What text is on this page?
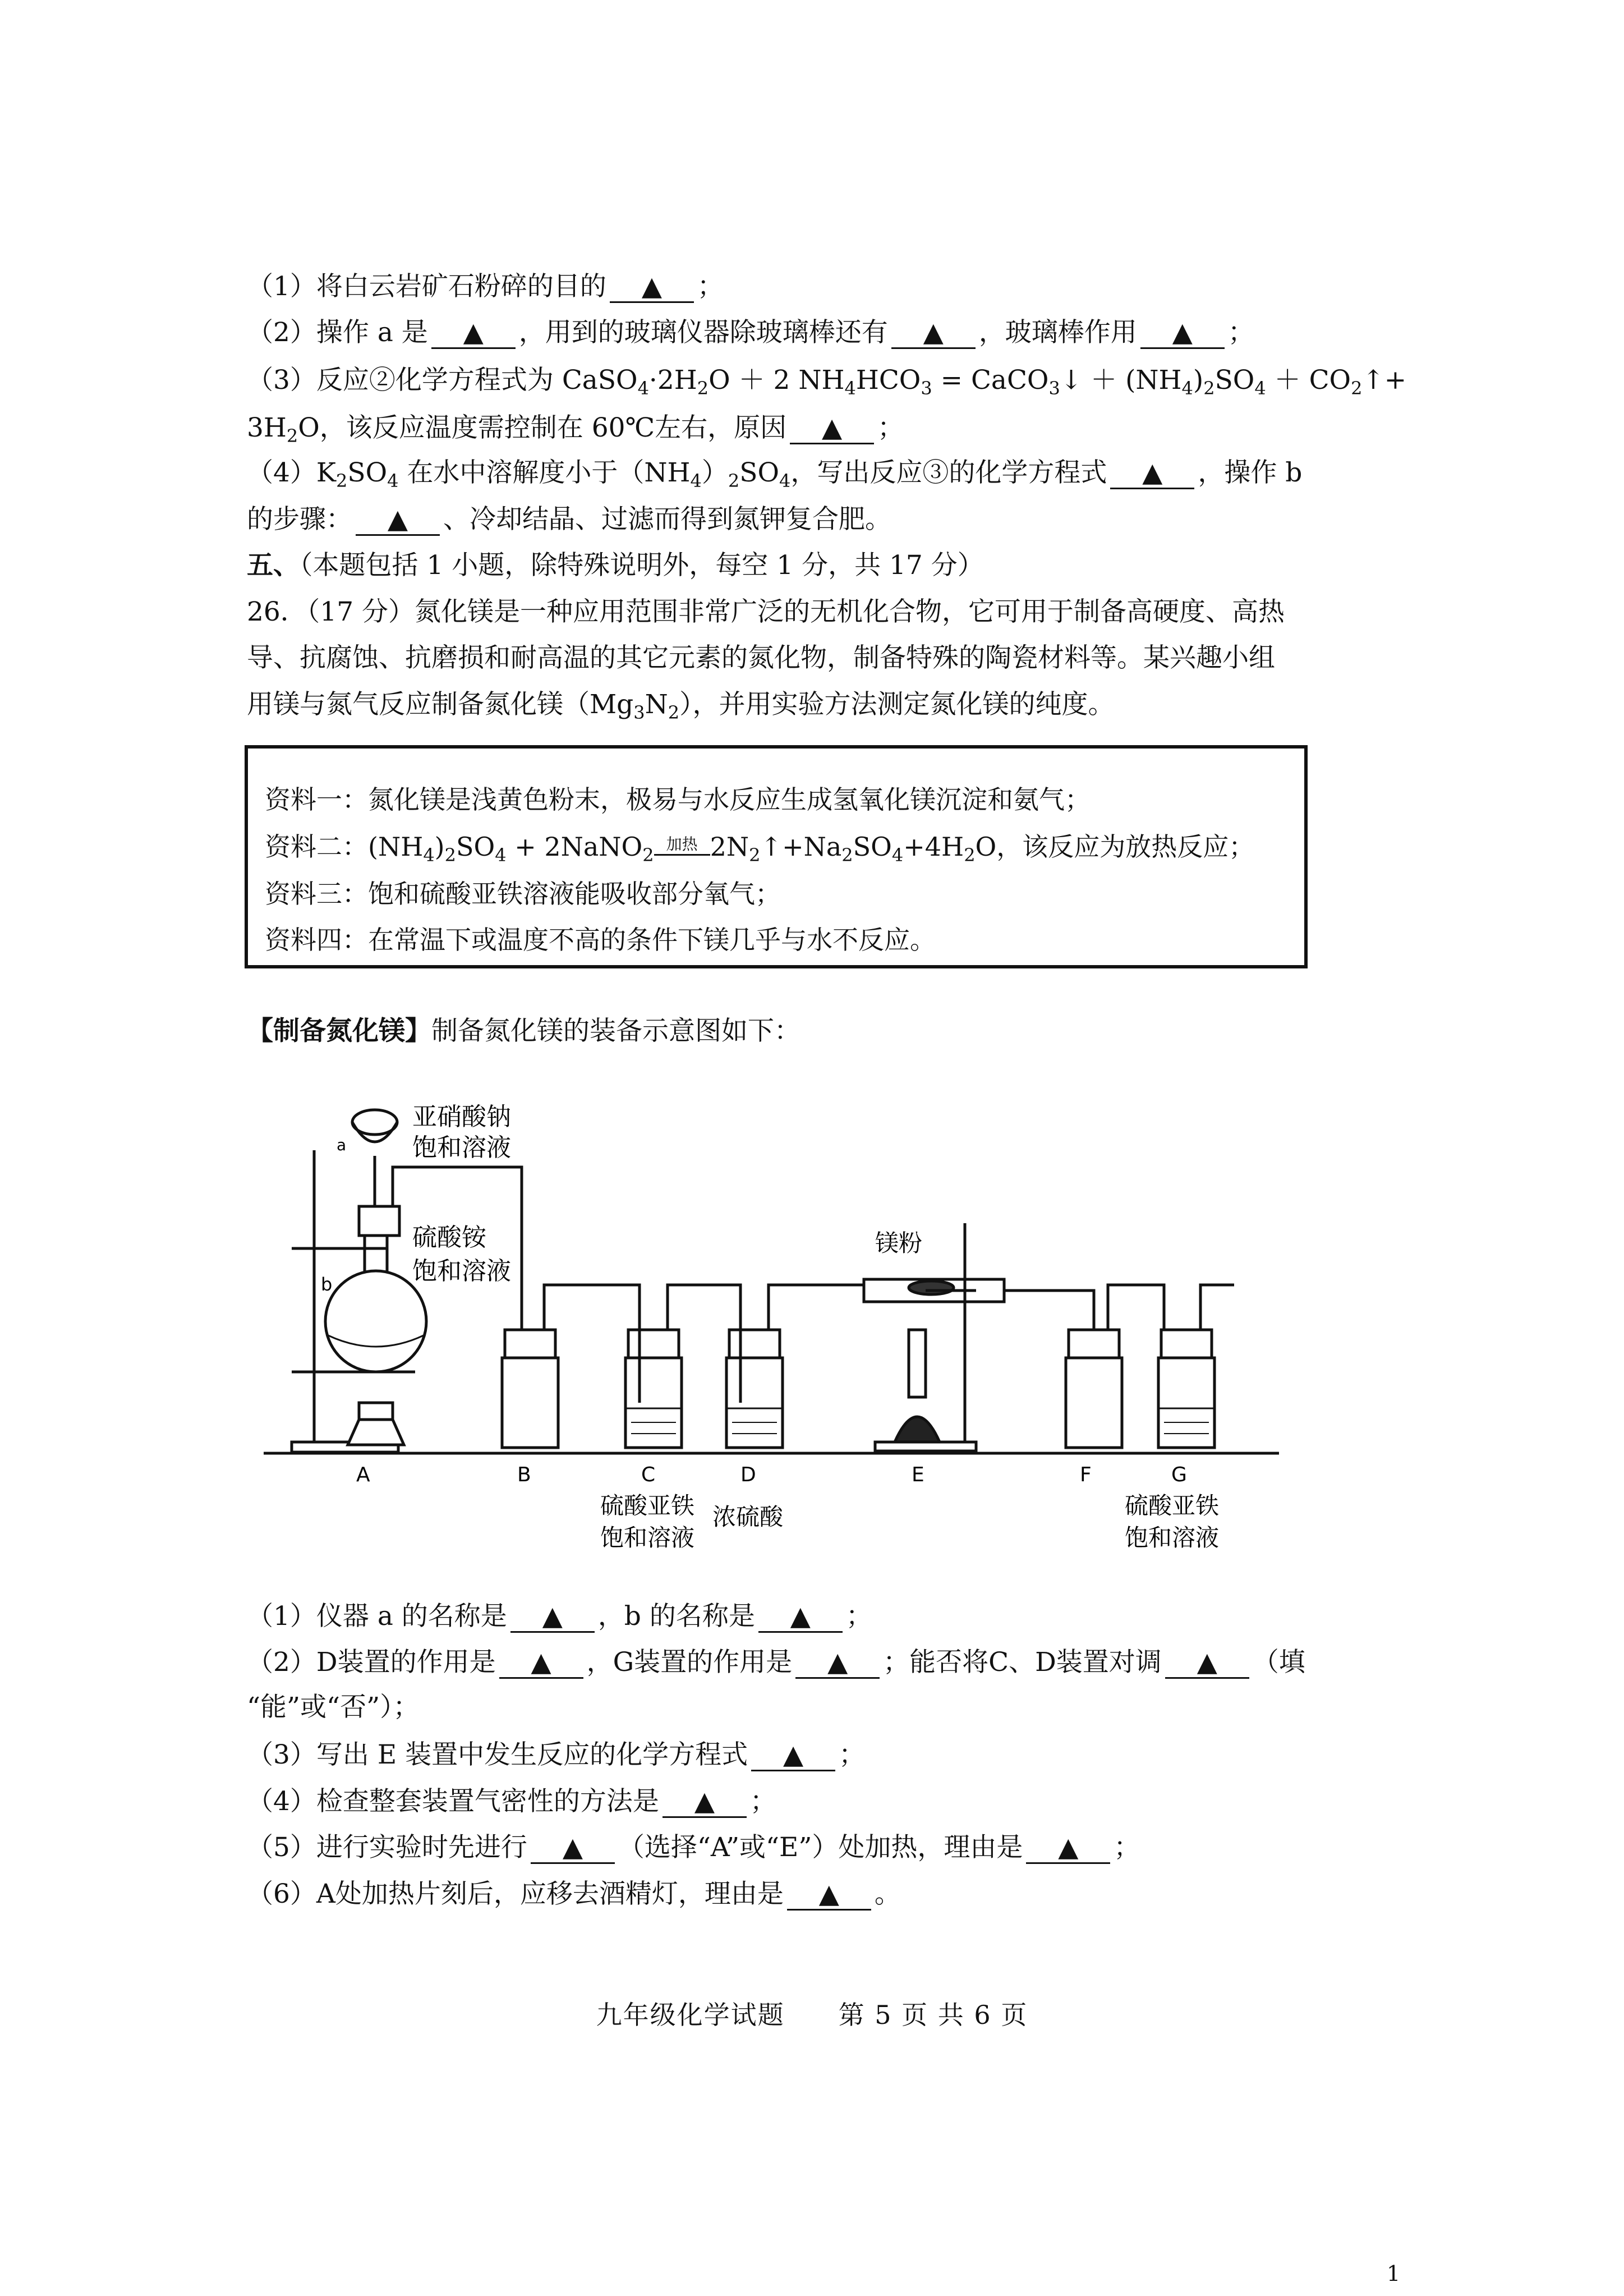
（1）将白云岩矿石粉碎的目的 ▲ ；
（2）操作 a 是 ▲ ，用到的玻璃仪器除玻璃棒还有 ▲ ，玻璃棒作用 ▲ ；
（3）反应②化学方程式为 $CaSO_4\cdot 2H_2O + 2$ $NH_4HCO_3$ = CaCO$_3$↓ ＋ $(NH_4)_2SO_4$ ＋ $CO_2↑+$
$3H_2O$，该反应温度需控制在 60℃左右，原因 ▲ ；
$(4)K_2SO_4$ 在水中溶解度小于$(NH_4)_2SO_4$，写出反应③的化学方程式 ▲ ，操作 b
的步骤： ▲ 、冷却结晶、过滤而得到氮钾复合肥。
五、（本题包括 1 小题，除特殊说明外，每空 1 分，共 17 分）
26．（17 分）氮化镁是一种应用范围非常广泛的无机化合物，它可用于制备高硬度、高热
导、抗腐蚀、抗磨损和耐高温的其它元素的氮化物，制备特殊的陶瓷材料等。某兴趣小组
用镁与氮气反应制备氮化镁$(Mg_3N_2)$，并用实验方法测定氮化镁的纯度。
资料一：氮化镁是浅黄色粉末，极易与水反应生成氢氧化镁沉淀和氨气；
资料二：$(NH_4)_2SO_4$ + 2NaNO$_2$
加热 $2N_2↑+Na_2SO_4+4H_2O$，该反应为放热反应；
资料三：饱和硫酸亚铁溶液能吸收部分氧气；
资料四：在常温下或温度不高的条件下镁几乎与水不反应。
【制备氮化镁】制备氮化镁的装备示意图如下：
a
b
亚硝酸钠
饱和溶液
硫酸铵
饱和溶液
镁粉
A	B	C	D	E	F	G
硫酸亚铁
饱和溶液
浓硫酸	硫酸亚铁
饱和溶液
（1）仪器 a 的名称是 ▲ ，b 的名称是 ▲ ；
（2）D装置的作用是 ▲ ，G装置的作用是 ▲ ；能否将C、D装置对调 ▲ （填
“能”或“否”）；
（3）写出 E 装置中发生反应的化学方程式 ▲ ；
（4）检查整套装置气密性的方法是 ▲ ；
（5）进行实验时先进行 ▲ （选择“A”或“E”）处加热，理由是 ▲ ；
（6）A处加热片刻后，应移去酒精灯，理由是 ▲ 。
九年级化学试题　　第 5 页 共 6 页
1
